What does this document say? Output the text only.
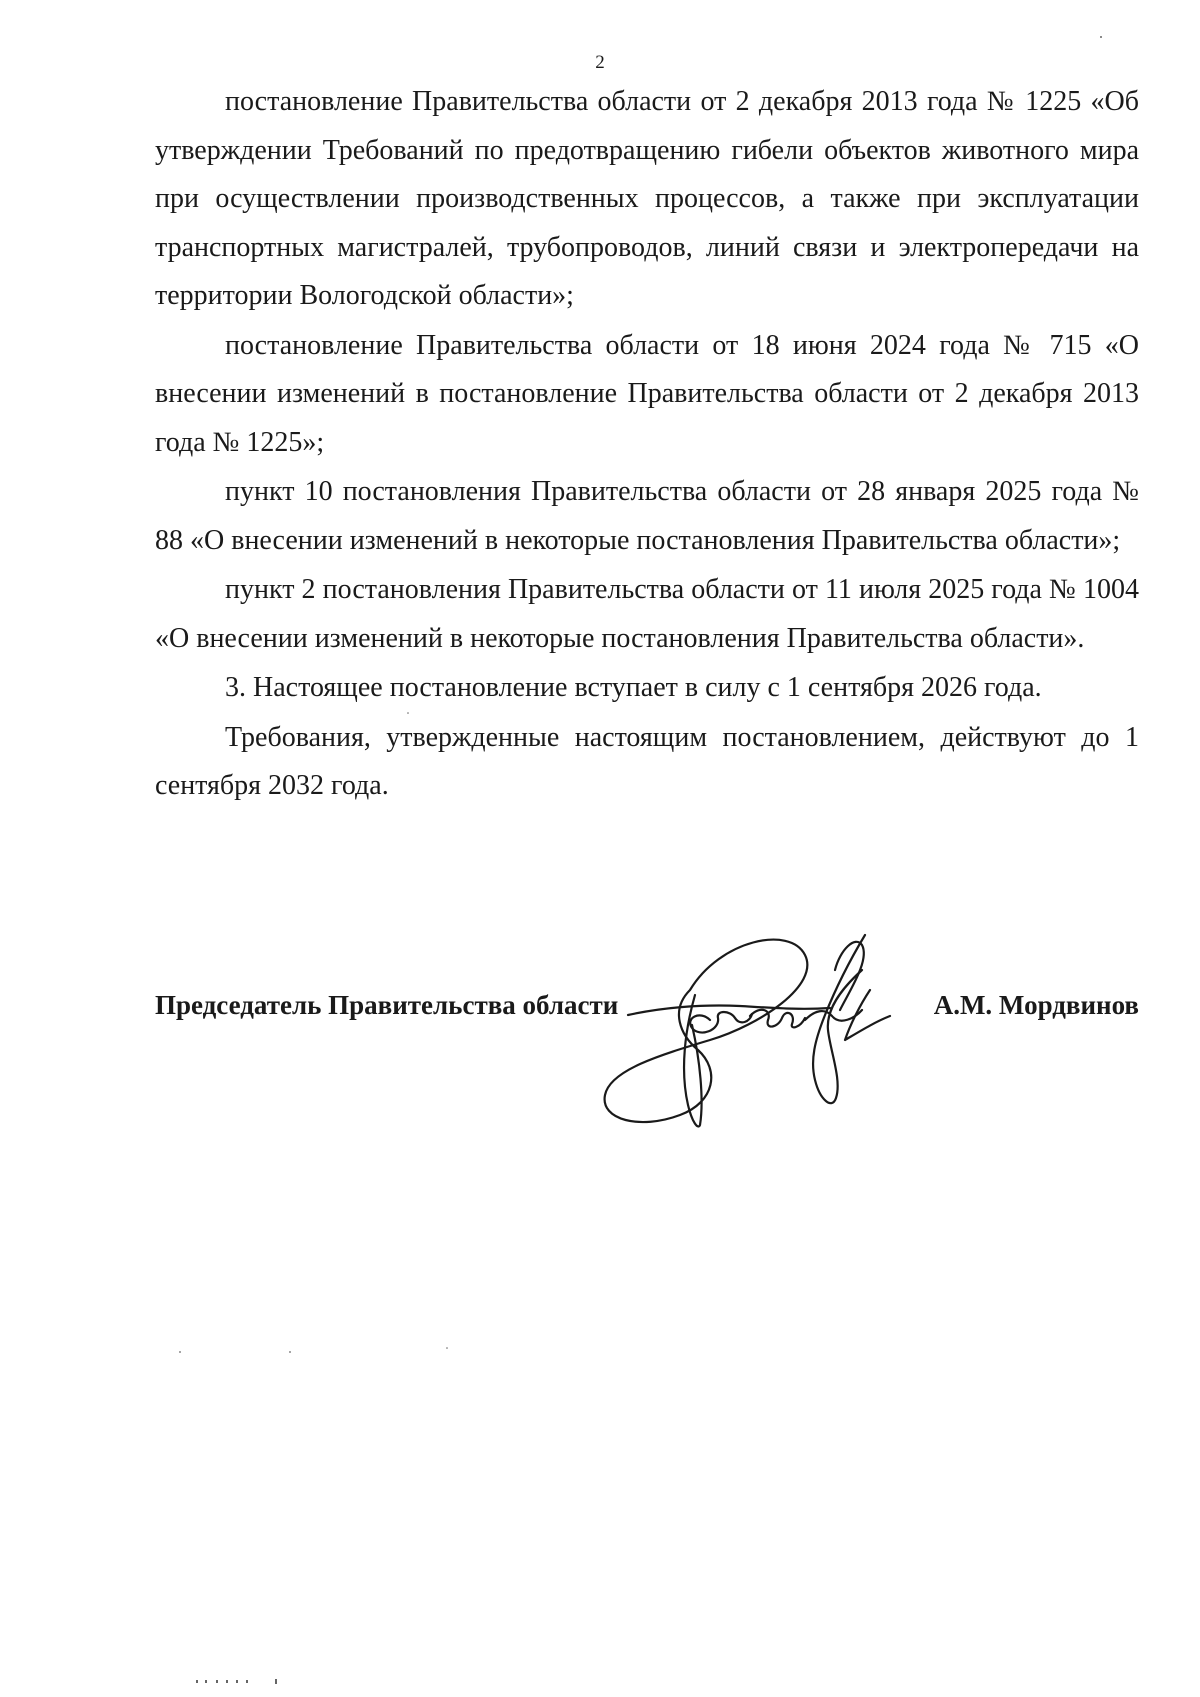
2

постановление Правительства области от 2 декабря 2013 года № 1225 «Об утверждении Требований по предотвращению гибели объектов животного мира при осуществлении производственных процессов, а также при эксплуатации транспортных магистралей, трубопроводов, линий связи и электропередачи на территории Вологодской области»;

постановление Правительства области от 18 июня 2024 года № 715 «О внесении изменений в постановление Правительства области от 2 декабря 2013 года № 1225»;

пункт 10 постановления Правительства области от 28 января 2025 года № 88 «О внесении изменений в некоторые постановления Правительства области»;

пункт 2 постановления Правительства области от 11 июля 2025 года № 1004 «О внесении изменений в некоторые постановления Правительства области».

3. Настоящее постановление вступает в силу с 1 сентября 2026 года.

Требования, утвержденные настоящим постановлением, действуют до 1 сентября 2032 года.

Председатель Правительства области	А.М. Мордвинов
